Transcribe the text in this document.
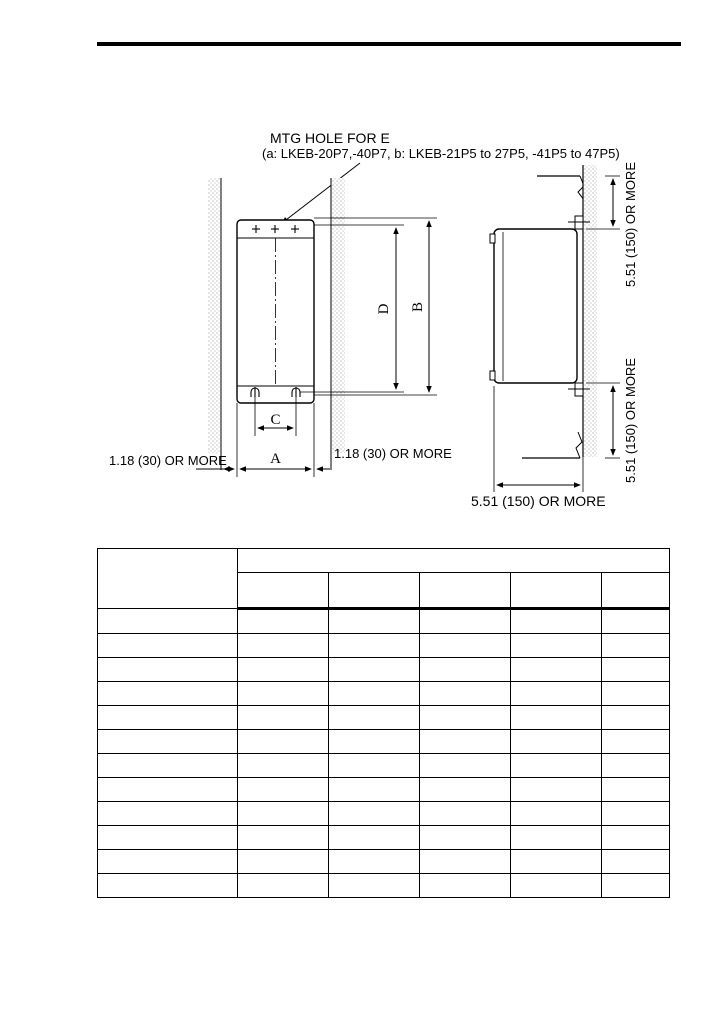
MTG HOLE FOR E
(a: LKEB-20P7,-40P7, b: LKEB-21P5 to 27P5, -41P5 to 47P5)
D B
C
A
1.18 (30) OR MORE	1.18 (30) OR MORE
5.51 (150) OR MORE
5.51 (150) OR MORE
5.51 (150) OR MORE
